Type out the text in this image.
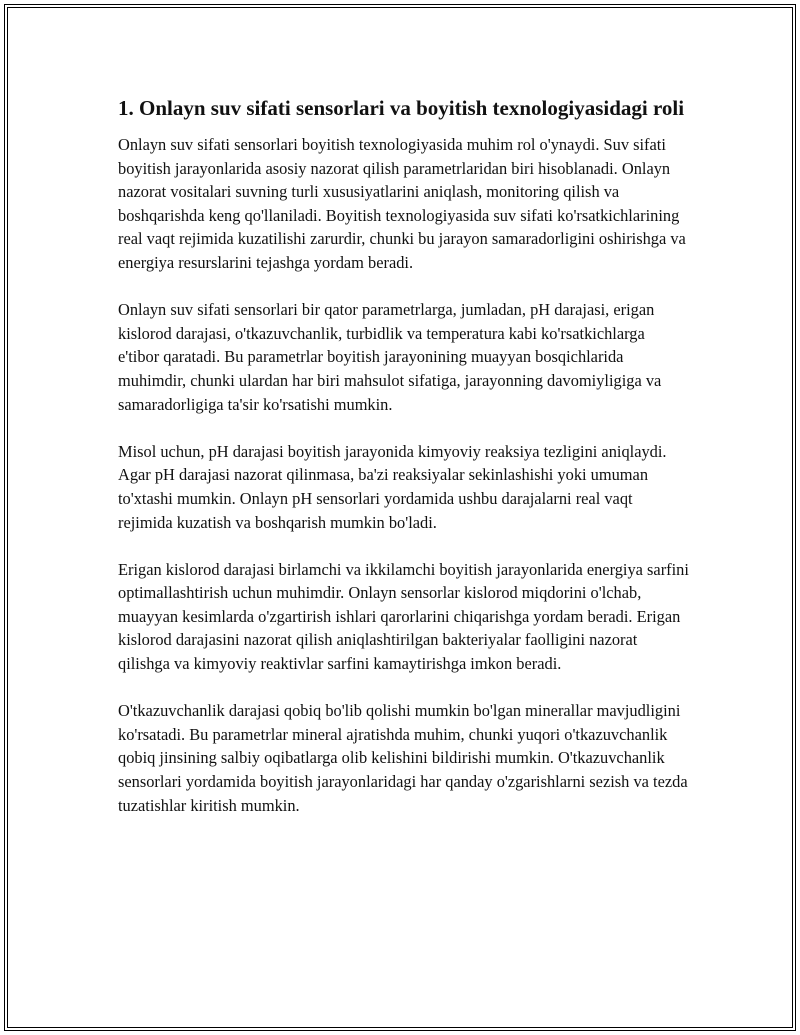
1. Onlayn suv sifati sensorlari va boyitish texnologiyasidagi roli

Onlayn suv sifati sensorlari boyitish texnologiyasida muhim rol o'ynaydi. Suv sifati boyitish jarayonlarida asosiy nazorat qilish parametrlaridan biri hisoblanadi. Onlayn nazorat vositalari suvning turli xususiyatlarini aniqlash, monitoring qilish va boshqarishda keng qo'llaniladi. Boyitish texnologiyasida suv sifati ko'rsatkichlarining real vaqt rejimida kuzatilishi zarurdir, chunki bu jarayon samaradorligini oshirishga va energiya resurslarini tejashga yordam beradi.

Onlayn suv sifati sensorlari bir qator parametrlarga, jumladan, pH darajasi, erigan kislorod darajasi, o'tkazuvchanlik, turbidlik va temperatura kabi ko'rsatkichlarga e'tibor qaratadi. Bu parametrlar boyitish jarayonining muayyan bosqichlarida muhimdir, chunki ulardan har biri mahsulot sifatiga, jarayonning davomiyligiga va samaradorligiga ta'sir ko'rsatishi mumkin.

Misol uchun, pH darajasi boyitish jarayonida kimyoviy reaksiya tezligini aniqlaydi. Agar pH darajasi nazorat qilinmasa, ba'zi reaksiyalar sekinlashishi yoki umuman to'xtashi mumkin. Onlayn pH sensorlari yordamida ushbu darajalarni real vaqt rejimida kuzatish va boshqarish mumkin bo'ladi.

Erigan kislorod darajasi birlamchi va ikkilamchi boyitish jarayonlarida energiya sarfini optimallashtirish uchun muhimdir. Onlayn sensorlar kislorod miqdorini o'lchab, muayyan kesimlarda o'zgartirish ishlari qarorlarini chiqarishga yordam beradi. Erigan kislorod darajasini nazorat qilish aniqlashtirilgan bakteriyalar faolligini nazorat qilishga va kimyoviy reaktivlar sarfini kamaytirishga imkon beradi.

O'tkazuvchanlik darajasi qobiq bo'lib qolishi mumkin bo'lgan minerallar mavjudligini ko'rsatadi. Bu parametrlar mineral ajratishda muhim, chunki yuqori o'tkazuvchanlik qobiq jinsining salbiy oqibatlarga olib kelishini bildirishi mumkin. O'tkazuvchanlik sensorlari yordamida boyitish jarayonlaridagi har qanday o'zgarishlarni sezish va tezda tuzatishlar kiritish mumkin.
